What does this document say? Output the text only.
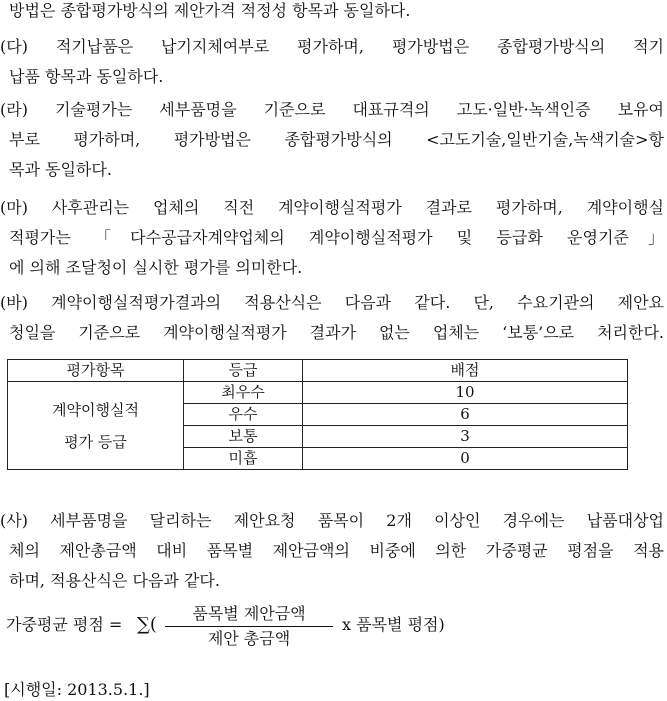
방법은 종합평가방식의 제안가격 적정성 항목과 동일하다.
(다) 적기납품은 납기지체여부로 평가하며, 평가방법은 종합평가방식의 적기
납품 항목과 동일하다.
(라) 기술평가는 세부품명을 기준으로 대표규격의 고도·일반·녹색인증 보유여
부로 평가하며, 평가방법은 종합평가방식의 <고도기술,일반기술,녹색기술>항
목과 동일하다.
(마) 사후관리는 업체의 직전 계약이행실적평가 결과로 평가하며, 계약이행실
적평가는 「다수공급자계약업체의 계약이행실적평가 및 등급화 운영기준」
에 의해 조달청이 실시한 평가를 의미한다.
(바) 계약이행실적평가결과의 적용산식은 다음과 같다. 단, 수요기관의 제안요
청일을 기준으로 계약이행실적평가 결과가 없는 업체는 ‘보통’으로 처리한다.
평가항목	등급	배점

계약이행실적
평가 등급	최우수	10
	우수	6
	보통	3
	미흡	0
(사) 세부품명을 달리하는 제안요청 품목이 2개 이상인 경우에는 납품대상업
체의 제안총금액 대비 품목별 제안금액의 비중에 의한 가중평균 평점을 적용
하며, 적용산식은 다음과 같다.
가중평균 평점 = ∑(
품목별 제안금액
제안 총금액
x 품목별 평점)
[시행일: 2013.5.1.]
